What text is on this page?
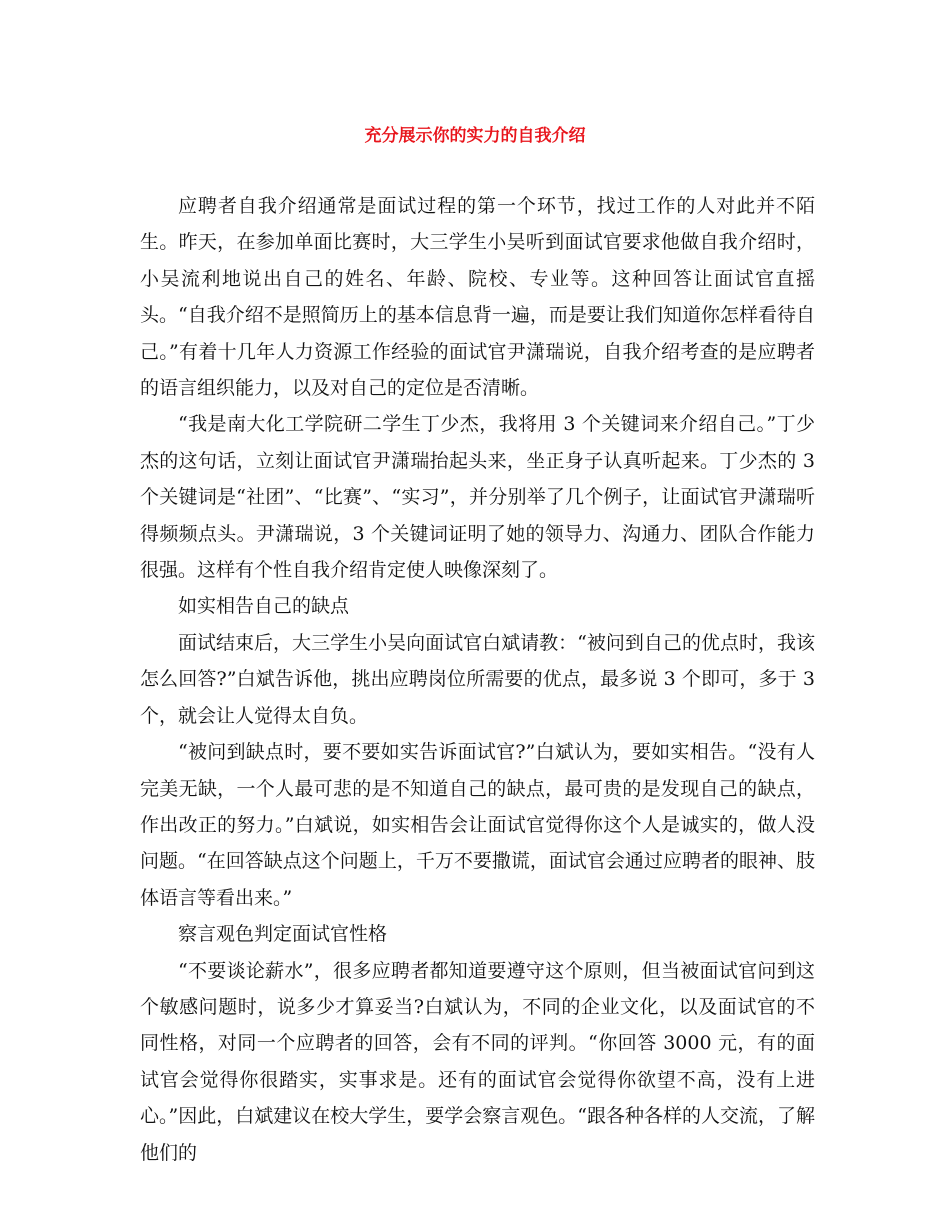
充分展示你的实力的自我介绍

应聘者自我介绍通常是面试过程的第一个环节，找过工作的人对此并不陌生。昨天，在参加单面比赛时，大三学生小吴听到面试官要求他做自我介绍时，小吴流利地说出自己的姓名、年龄、院校、专业等。这种回答让面试官直摇头。“自我介绍不是照简历上的基本信息背一遍，而是要让我们知道你怎样看待自己。”有着十几年人力资源工作经验的面试官尹潇瑞说，自我介绍考查的是应聘者的语言组织能力，以及对自己的定位是否清晰。

“我是南大化工学院研二学生丁少杰，我将用 3 个关键词来介绍自己。”丁少杰的这句话，立刻让面试官尹潇瑞抬起头来，坐正身子认真听起来。丁少杰的 3 个关键词是“社团”、“比赛”、“实习”，并分别举了几个例子，让面试官尹潇瑞听得频频点头。尹潇瑞说，3 个关键词证明了她的领导力、沟通力、团队合作能力很强。这样有个性自我介绍肯定使人映像深刻了。

如实相告自己的缺点

面试结束后，大三学生小吴向面试官白斌请教：“被问到自己的优点时，我该怎么回答?”白斌告诉他，挑出应聘岗位所需要的优点，最多说 3 个即可，多于 3 个，就会让人觉得太自负。

“被问到缺点时，要不要如实告诉面试官?”白斌认为，要如实相告。“没有人完美无缺，一个人最可悲的是不知道自己的缺点，最可贵的是发现自己的缺点，作出改正的努力。”白斌说，如实相告会让面试官觉得你这个人是诚实的，做人没问题。“在回答缺点这个问题上，千万不要撒谎，面试官会通过应聘者的眼神、肢体语言等看出来。”

察言观色判定面试官性格

“不要谈论薪水”，很多应聘者都知道要遵守这个原则，但当被面试官问到这个敏感问题时，说多少才算妥当?白斌认为，不同的企业文化，以及面试官的不同性格，对同一个应聘者的回答，会有不同的评判。“你回答 3000 元，有的面试官会觉得你很踏实，实事求是。还有的面试官会觉得你欲望不高，没有上进心。”因此，白斌建议在校大学生，要学会察言观色。“跟各种各样的人交流，了解他们的
